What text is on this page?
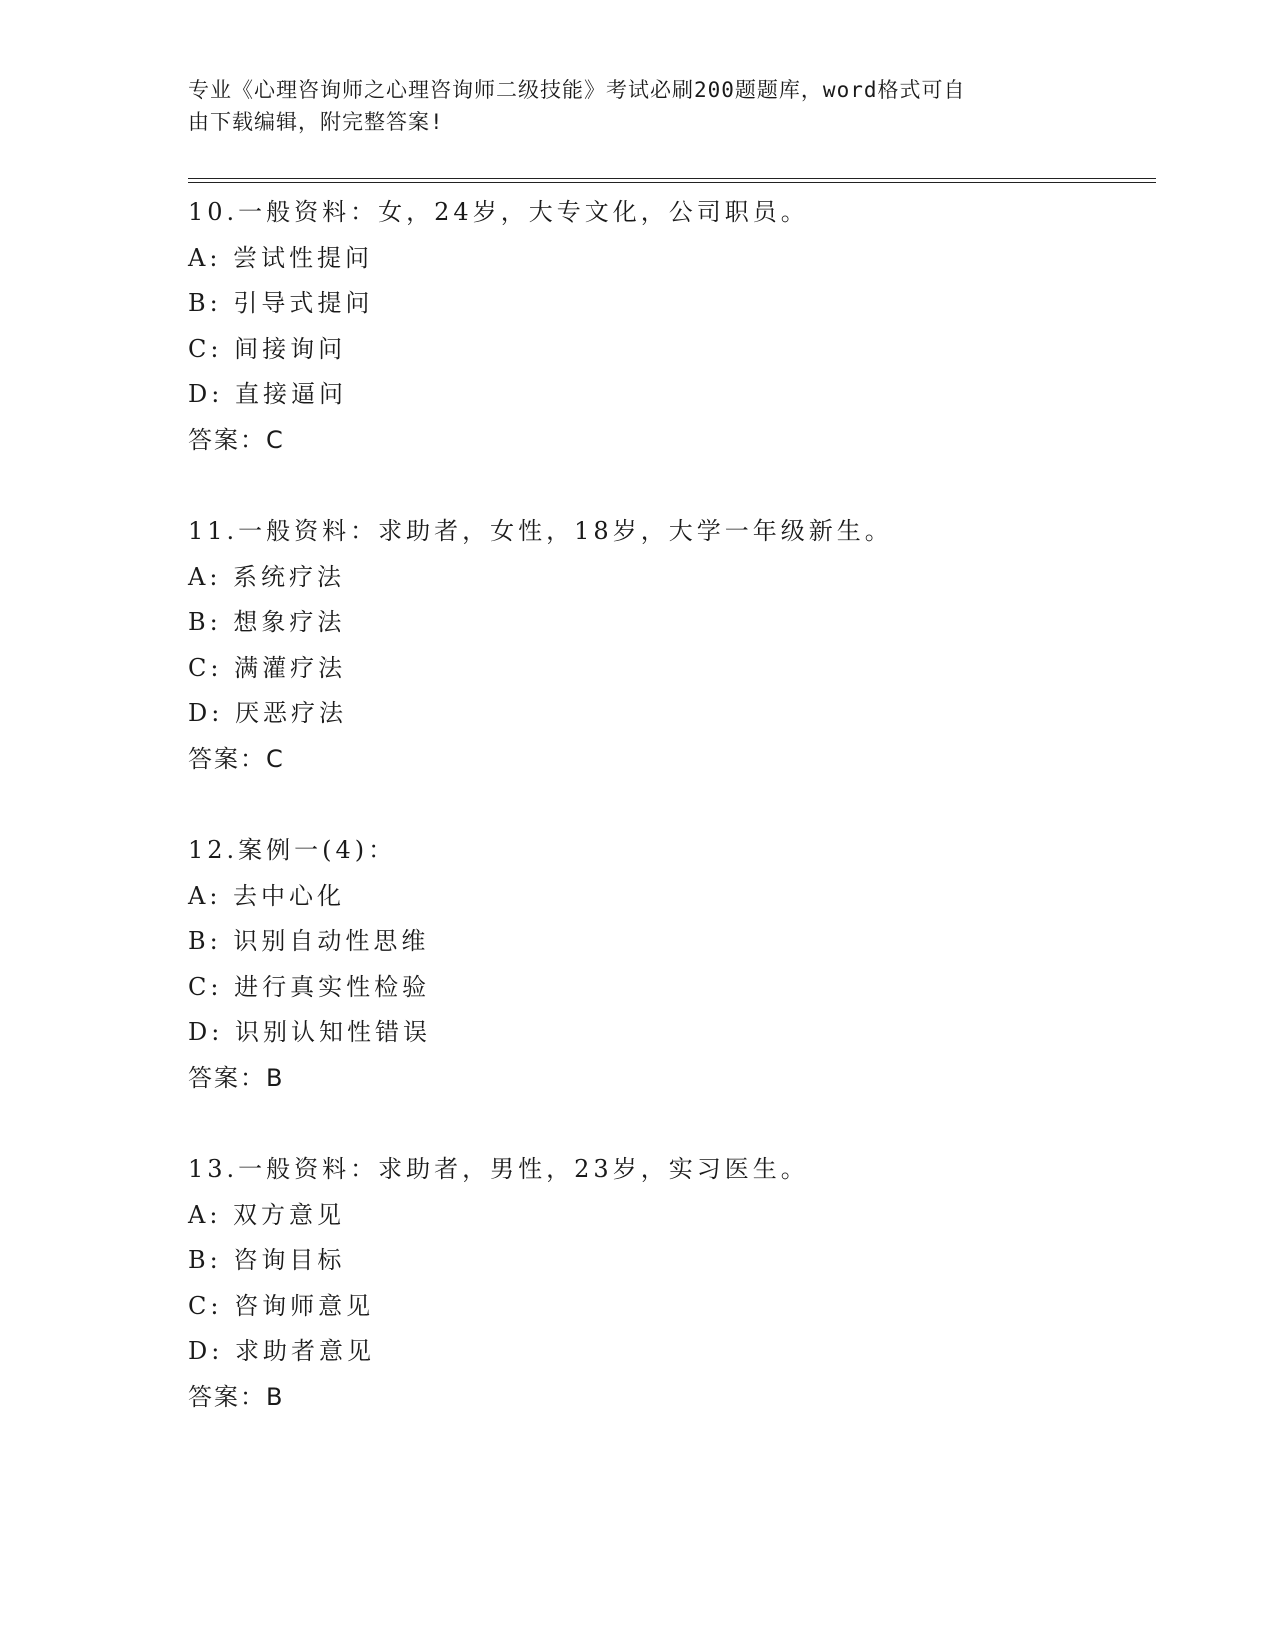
专业《心理咨询师之心理咨询师二级技能》考试必刷200题题库，word格式可自
由下载编辑，附完整答案!
10.一般资料：女，24岁，大专文化，公司职员。
A: 尝试性提问
B: 引导式提问
C: 间接询问
D: 直接逼问
答案：C
11.一般资料：求助者，女性，18岁，大学一年级新生。
A: 系统疗法
B: 想象疗法
C: 满灌疗法
D: 厌恶疗法
答案：C
12.案例一(4)：
A: 去中心化
B: 识别自动性思维
C: 进行真实性检验
D: 识别认知性错误
答案：B
13.一般资料：求助者，男性，23岁，实习医生。
A: 双方意见
B: 咨询目标
C: 咨询师意见
D: 求助者意见
答案：B
